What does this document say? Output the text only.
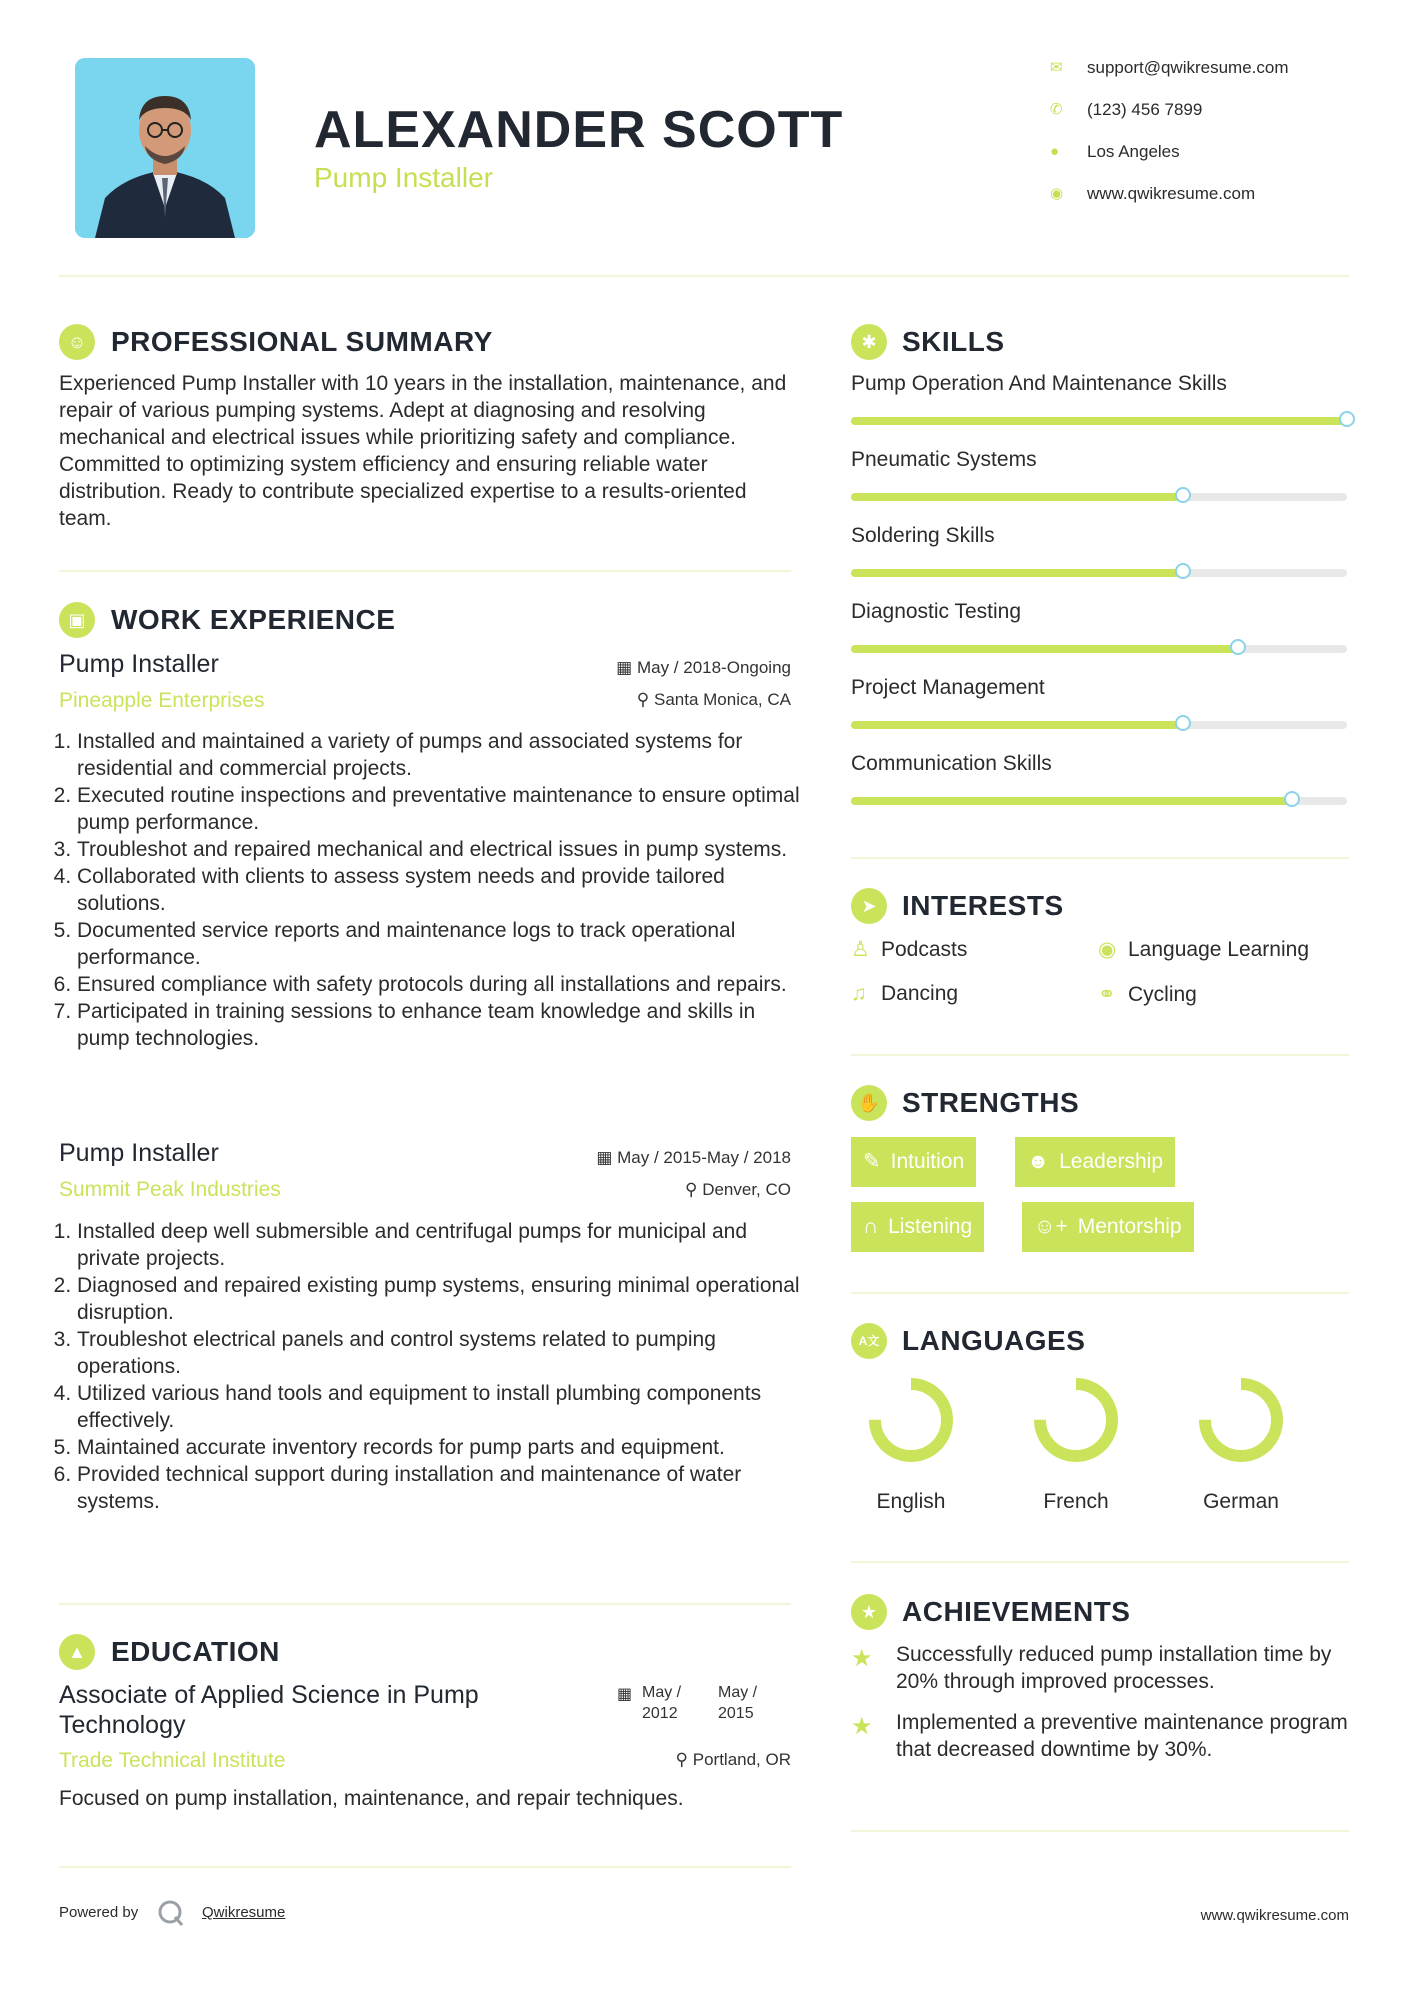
ALEXANDER SCOTT
Pump Installer
✉ support@qwikresume.com
✆ (123) 456 7899
●	Los Angeles
◉ www.qwikresume.com
☺ PROFESSIONAL SUMMARY
Experienced Pump Installer with 10 years in the installation, maintenance, and repair of various pumping systems. Adept at diagnosing and resolving mechanical and electrical issues while prioritizing safety and compliance. Committed to optimizing system efficiency and ensuring reliable water distribution. Ready to contribute specialized expertise to a results-oriented team.
▣ WORK EXPERIENCE
Pump Installer
Pineapple Enterprises
▦ May / 2018-Ongoing
⚲ Santa Monica, CA
1. Installed and maintained a variety of pumps and associated systems for residential and commercial projects.
2. Executed routine inspections and preventative maintenance to ensure optimal pump performance.
3. Troubleshot and repaired mechanical and electrical issues in pump systems.
4. Collaborated with clients to assess system needs and provide tailored solutions.
5. Documented service reports and maintenance logs to track operational performance.
6. Ensured compliance with safety protocols during all installations and repairs.
7. Participated in training sessions to enhance team knowledge and skills in pump technologies.
Pump Installer
Summit Peak Industries
▦ May / 2015-May / 2018
⚲ Denver, CO
1. Installed deep well submersible and centrifugal pumps for municipal and private projects.
2. Diagnosed and repaired existing pump systems, ensuring minimal operational disruption.
3. Troubleshot electrical panels and control systems related to pumping operations.
4. Utilized various hand tools and equipment to install plumbing components effectively.
5. Maintained accurate inventory records for pump parts and equipment.
6. Provided technical support during installation and maintenance of water systems.
▲ EDUCATION
Associate of Applied Science in Pump Technology
▦ May / 2012
May / 2015
Trade Technical Institute	⚲ Portland, OR
Focused on pump installation, maintenance, and repair techniques.
✱ SKILLS
Pump Operation And Maintenance Skills
Pneumatic Systems
Soldering Skills
Diagnostic Testing
Project Management
Communication Skills
➤ INTERESTS
♙ Podcasts	◉ Language Learning
♫ Dancing	⚭ Cycling
✋ STRENGTHS
✎ Intuition	☻ Leadership
∩ Listening	☺+ Mentorship
A文 LANGUAGES
English	French	German
★ ACHIEVEMENTS
★ Successfully reduced pump installation time by 20% through improved processes.
★ Implemented a preventive maintenance program that decreased downtime by 30%.
Powered by	Qwikresume	www.qwikresume.com
